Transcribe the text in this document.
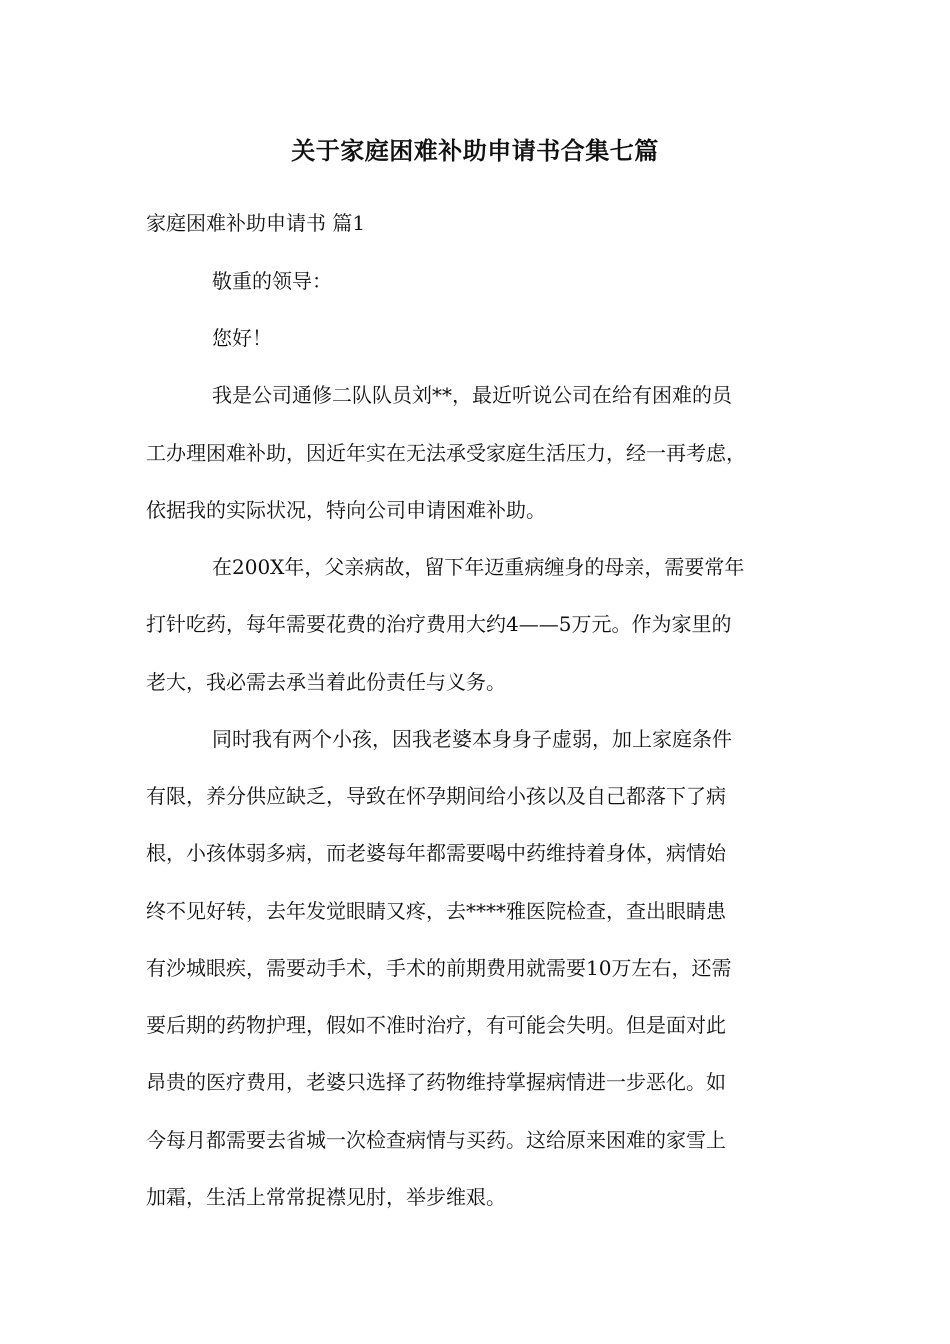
关于家庭困难补助申请书合集七篇
家庭困难补助申请书 篇1
敬重的领导：
您好！
我是公司通修二队队员刘**，最近听说公司在给有困难的员
工办理困难补助，因近年实在无法承受家庭生活压力，经一再考虑，
依据我的实际状况，特向公司申请困难补助。
在200X年，父亲病故，留下年迈重病缠身的母亲，需要常年
打针吃药，每年需要花费的治疗费用大约4——5万元。作为家里的
老大，我必需去承当着此份责任与义务。
同时我有两个小孩，因我老婆本身身子虚弱，加上家庭条件
有限，养分供应缺乏，导致在怀孕期间给小孩以及自己都落下了病
根，小孩体弱多病，而老婆每年都需要喝中药维持着身体，病情始
终不见好转，去年发觉眼睛又疼，去****雅医院检查，查出眼睛患
有沙城眼疾，需要动手术，手术的前期费用就需要10万左右，还需
要后期的药物护理，假如不准时治疗，有可能会失明。但是面对此
昂贵的医疗费用，老婆只选择了药物维持掌握病情进一步恶化。如
今每月都需要去省城一次检查病情与买药。这给原来困难的家雪上
加霜，生活上常常捉襟见肘，举步维艰。
